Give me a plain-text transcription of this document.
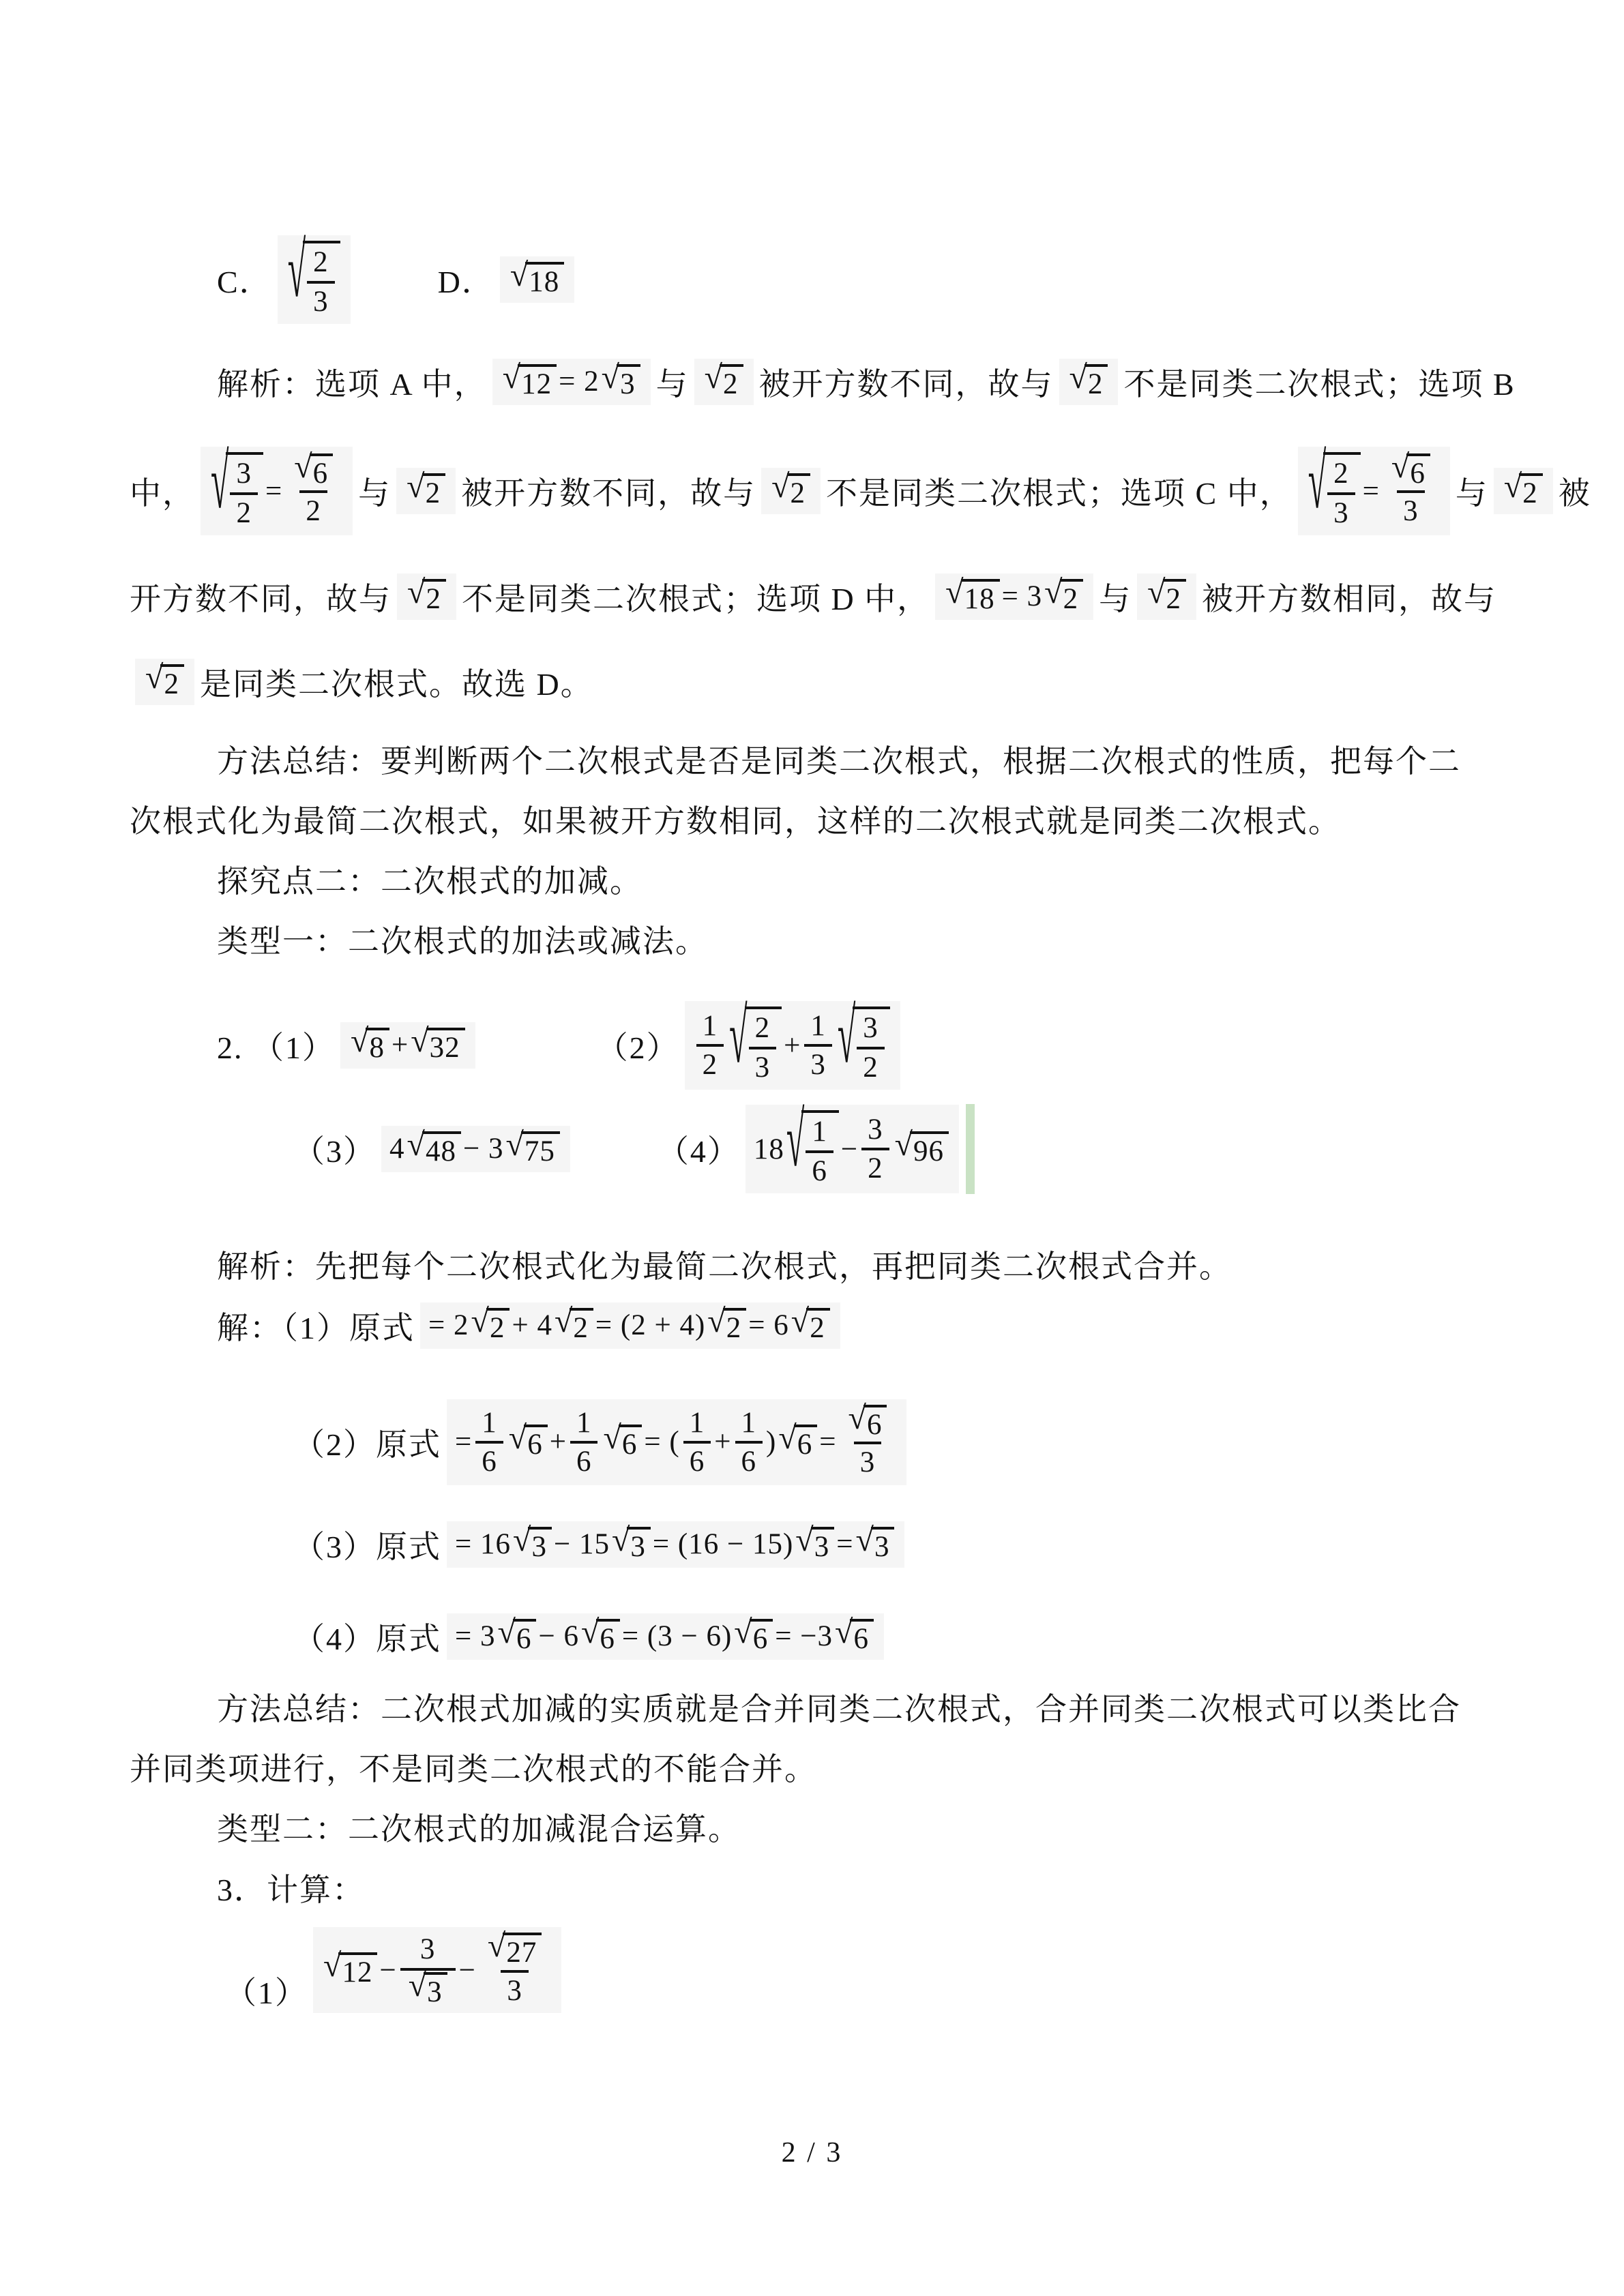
C． √ $\frac{2}{3}$	D． √ 18
解析：选项 A 中， √ 12 = 2 √ 3 与 √ 2 被开方数不同，故与 √ 2 不是同类二次根式；选项 B
中， √ $\frac{3}{2} = \frac{√ 6}{2}$ 与 √ 2 被开方数不同，故与 √ 2 不是同类二次根式；选项 C 中， √ $\frac{2}{3} = \frac{√ 6}{3}$ 与 √ 2 被
开方数不同，故与 √ 2 不是同类二次根式；选项 D 中， √ 18 = 3 √ 2 与 √ 2 被开方数相同，故与
√ 2 是同类二次根式。故选 D。
方法总结：要判断两个二次根式是否是同类二次根式，根据二次根式的性质，把每个二
次根式化为最简二次根式，如果被开方数相同，这样的二次根式就是同类二次根式。
探究点二：二次根式的加减。
类型一：二次根式的加法或减法。
2. （1） √ 8 + √ 32	$(2) \frac{1}{2}$ √ $\frac{2}{3} + \frac{1}{3}$ √ $\frac{3}{2}$
（3） 4 √ 48 − 3 √ 75	（4） 18 √ $\frac{1}{6} - \frac{3}{2}$ √ 96
解析：先把每个二次根式化为最简二次根式，再把同类二次根式合并。
解：（1）原式 = 2 √ 2 + 4 √ 2 = (2 + 4) √ 2 = 6 √ 2
（2）原式 = $\frac{1}{6}$ √ $6 + \frac{1}{6}$ √ 6 = ( $\frac{1}{6} + \frac{1}{6}$ ) √ $6 = \frac{√ 6}{3}$
（3）原式 = 16 √ 3 − 15 √ 3 = (16 − 15) √ 3 = √ 3
（4）原式 = 3 √ 6 − 6 √ 6 = (3 − 6) √ 6 = −3 √ 6
方法总结：二次根式加减的实质就是合并同类二次根式，合并同类二次根式可以类比合
并同类项进行，不是同类二次根式的不能合并。
类型二：二次根式的加减混合运算。
3．计算：
（1）
√ $12 - \frac{3}{√ 3} - \frac{√ 27}{3}$
2 / 3
